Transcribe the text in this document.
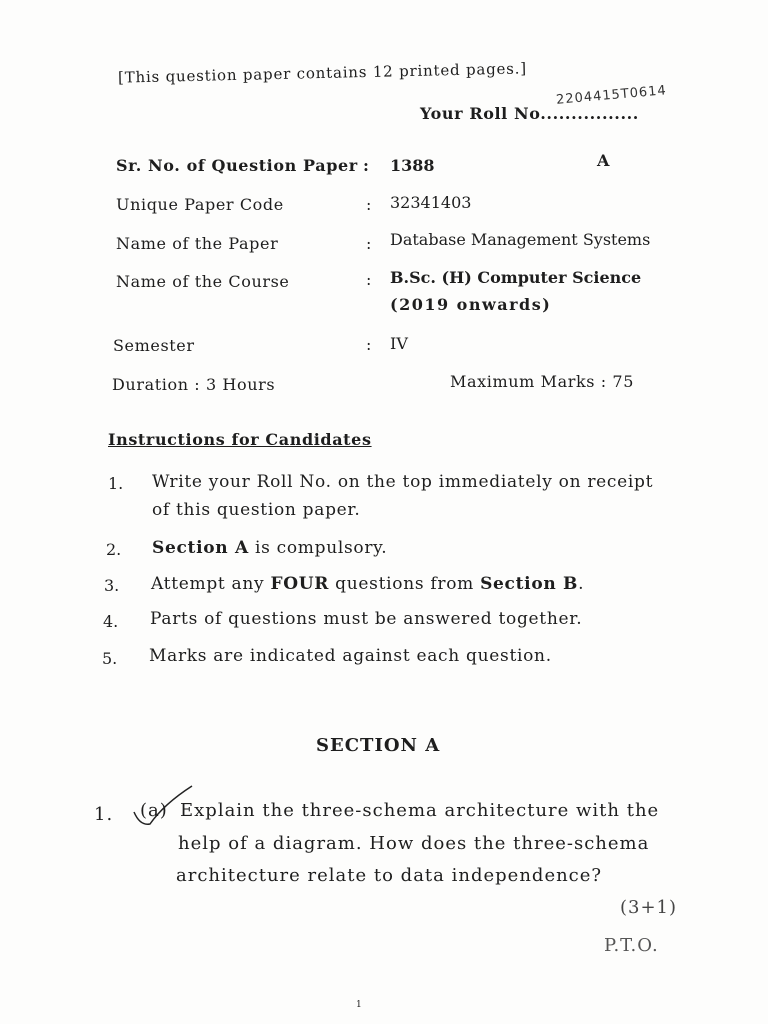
[This question paper contains 12 printed pages.]
Your Roll No................
2204415T0614
Sr. No. of Question Paper : 1388	A
Unique Paper Code	: 32341403
Name of the Paper	: Database Management Systems
Name of the Course	: B.Sc. (H) Computer Science
(2019 onwards)
Semester	: IV
Duration : 3 Hours	Maximum Marks : 75
Instructions for Candidates
1. Write your Roll No. on the top immediately on receipt
of this question paper.
2. Section A is compulsory.
3. Attempt any FOUR questions from Section B.
4. Parts of questions must be answered together.
5. Marks are indicated against each question.
SECTION A
1. (a) Explain the three-schema architecture with the
help of a diagram. How does the three-schema
architecture relate to data independence?
(3+1)
P.T.O.
1
